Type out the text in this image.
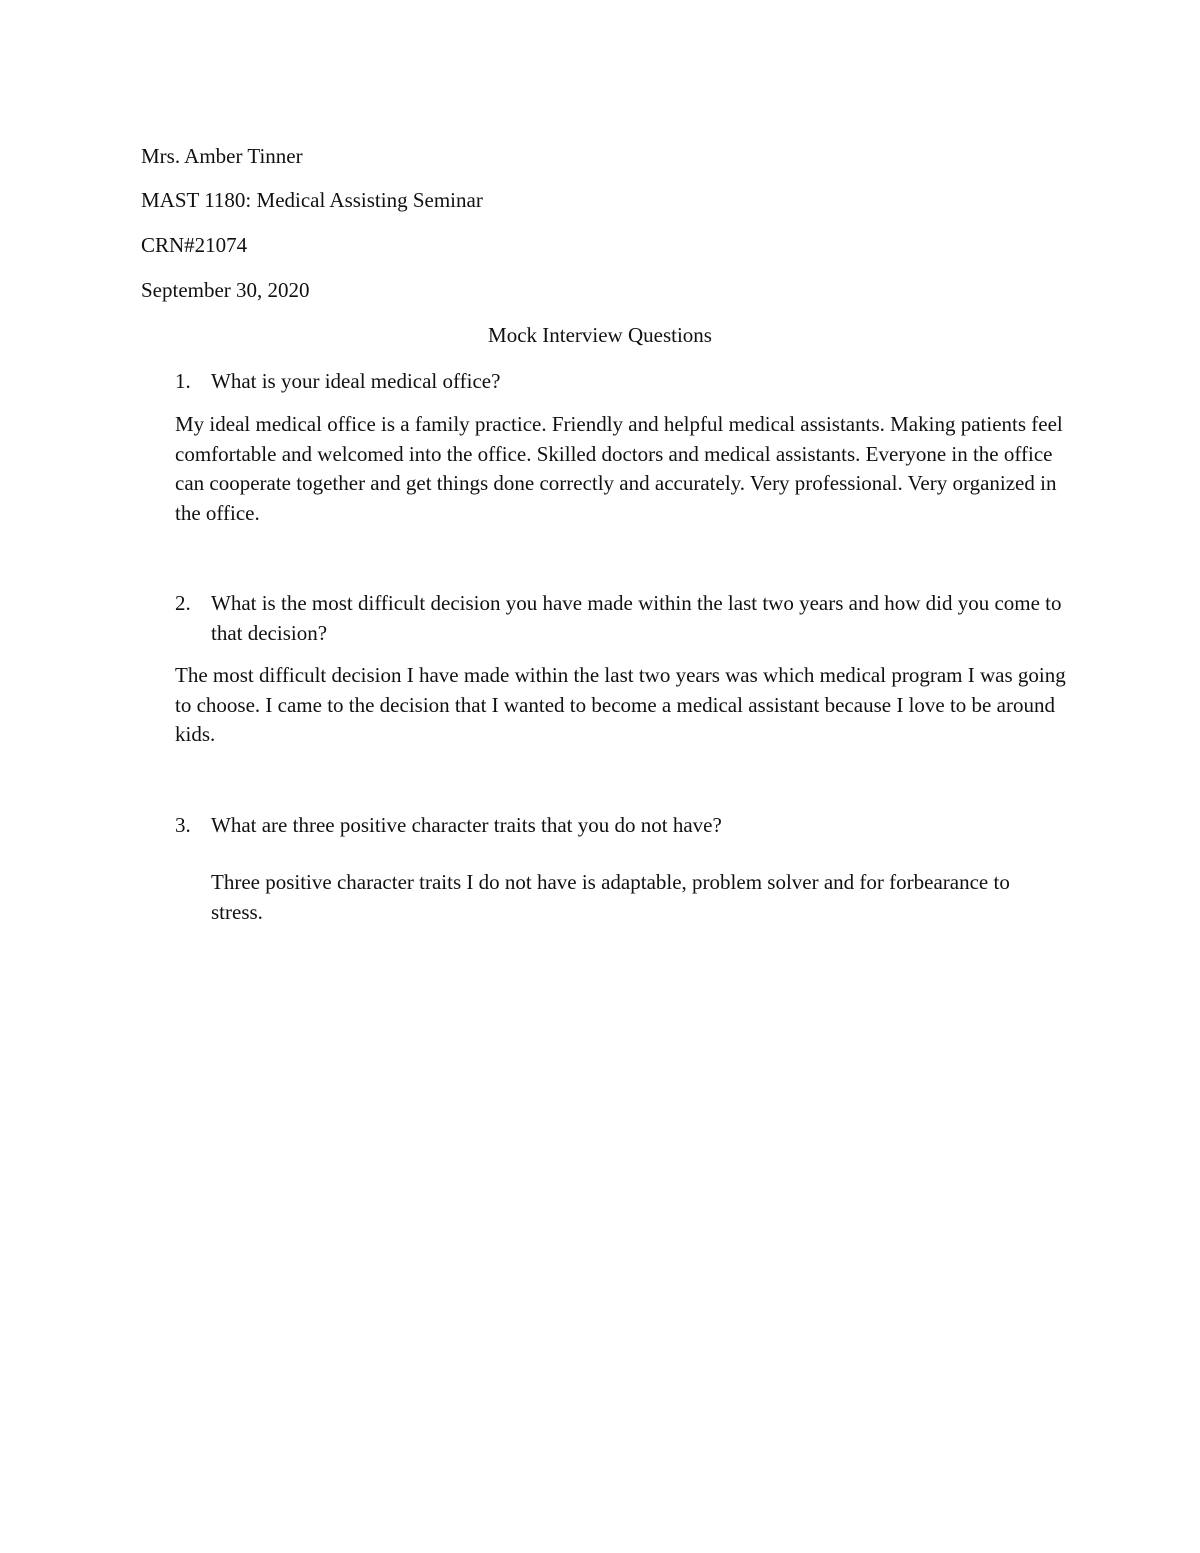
Mrs. Amber Tinner
MAST 1180: Medical Assisting Seminar
CRN#21074
September 30, 2020
Mock Interview Questions
1. What is your ideal medical office?
My ideal medical office is a family practice. Friendly and helpful medical assistants. Making patients feel comfortable and welcomed into the office. Skilled doctors and medical assistants. Everyone in the office can cooperate together and get things done correctly and accurately. Very professional. Very organized in the office.
2. What is the most difficult decision you have made within the last two years and how did you come to that decision?
The most difficult decision I have made within the last two years was which medical program I was going to choose. I came to the decision that I wanted to become a medical assistant because I love to be around kids.
3. What are three positive character traits that you do not have?
Three positive character traits I do not have is adaptable, problem solver and for forbearance to stress.
